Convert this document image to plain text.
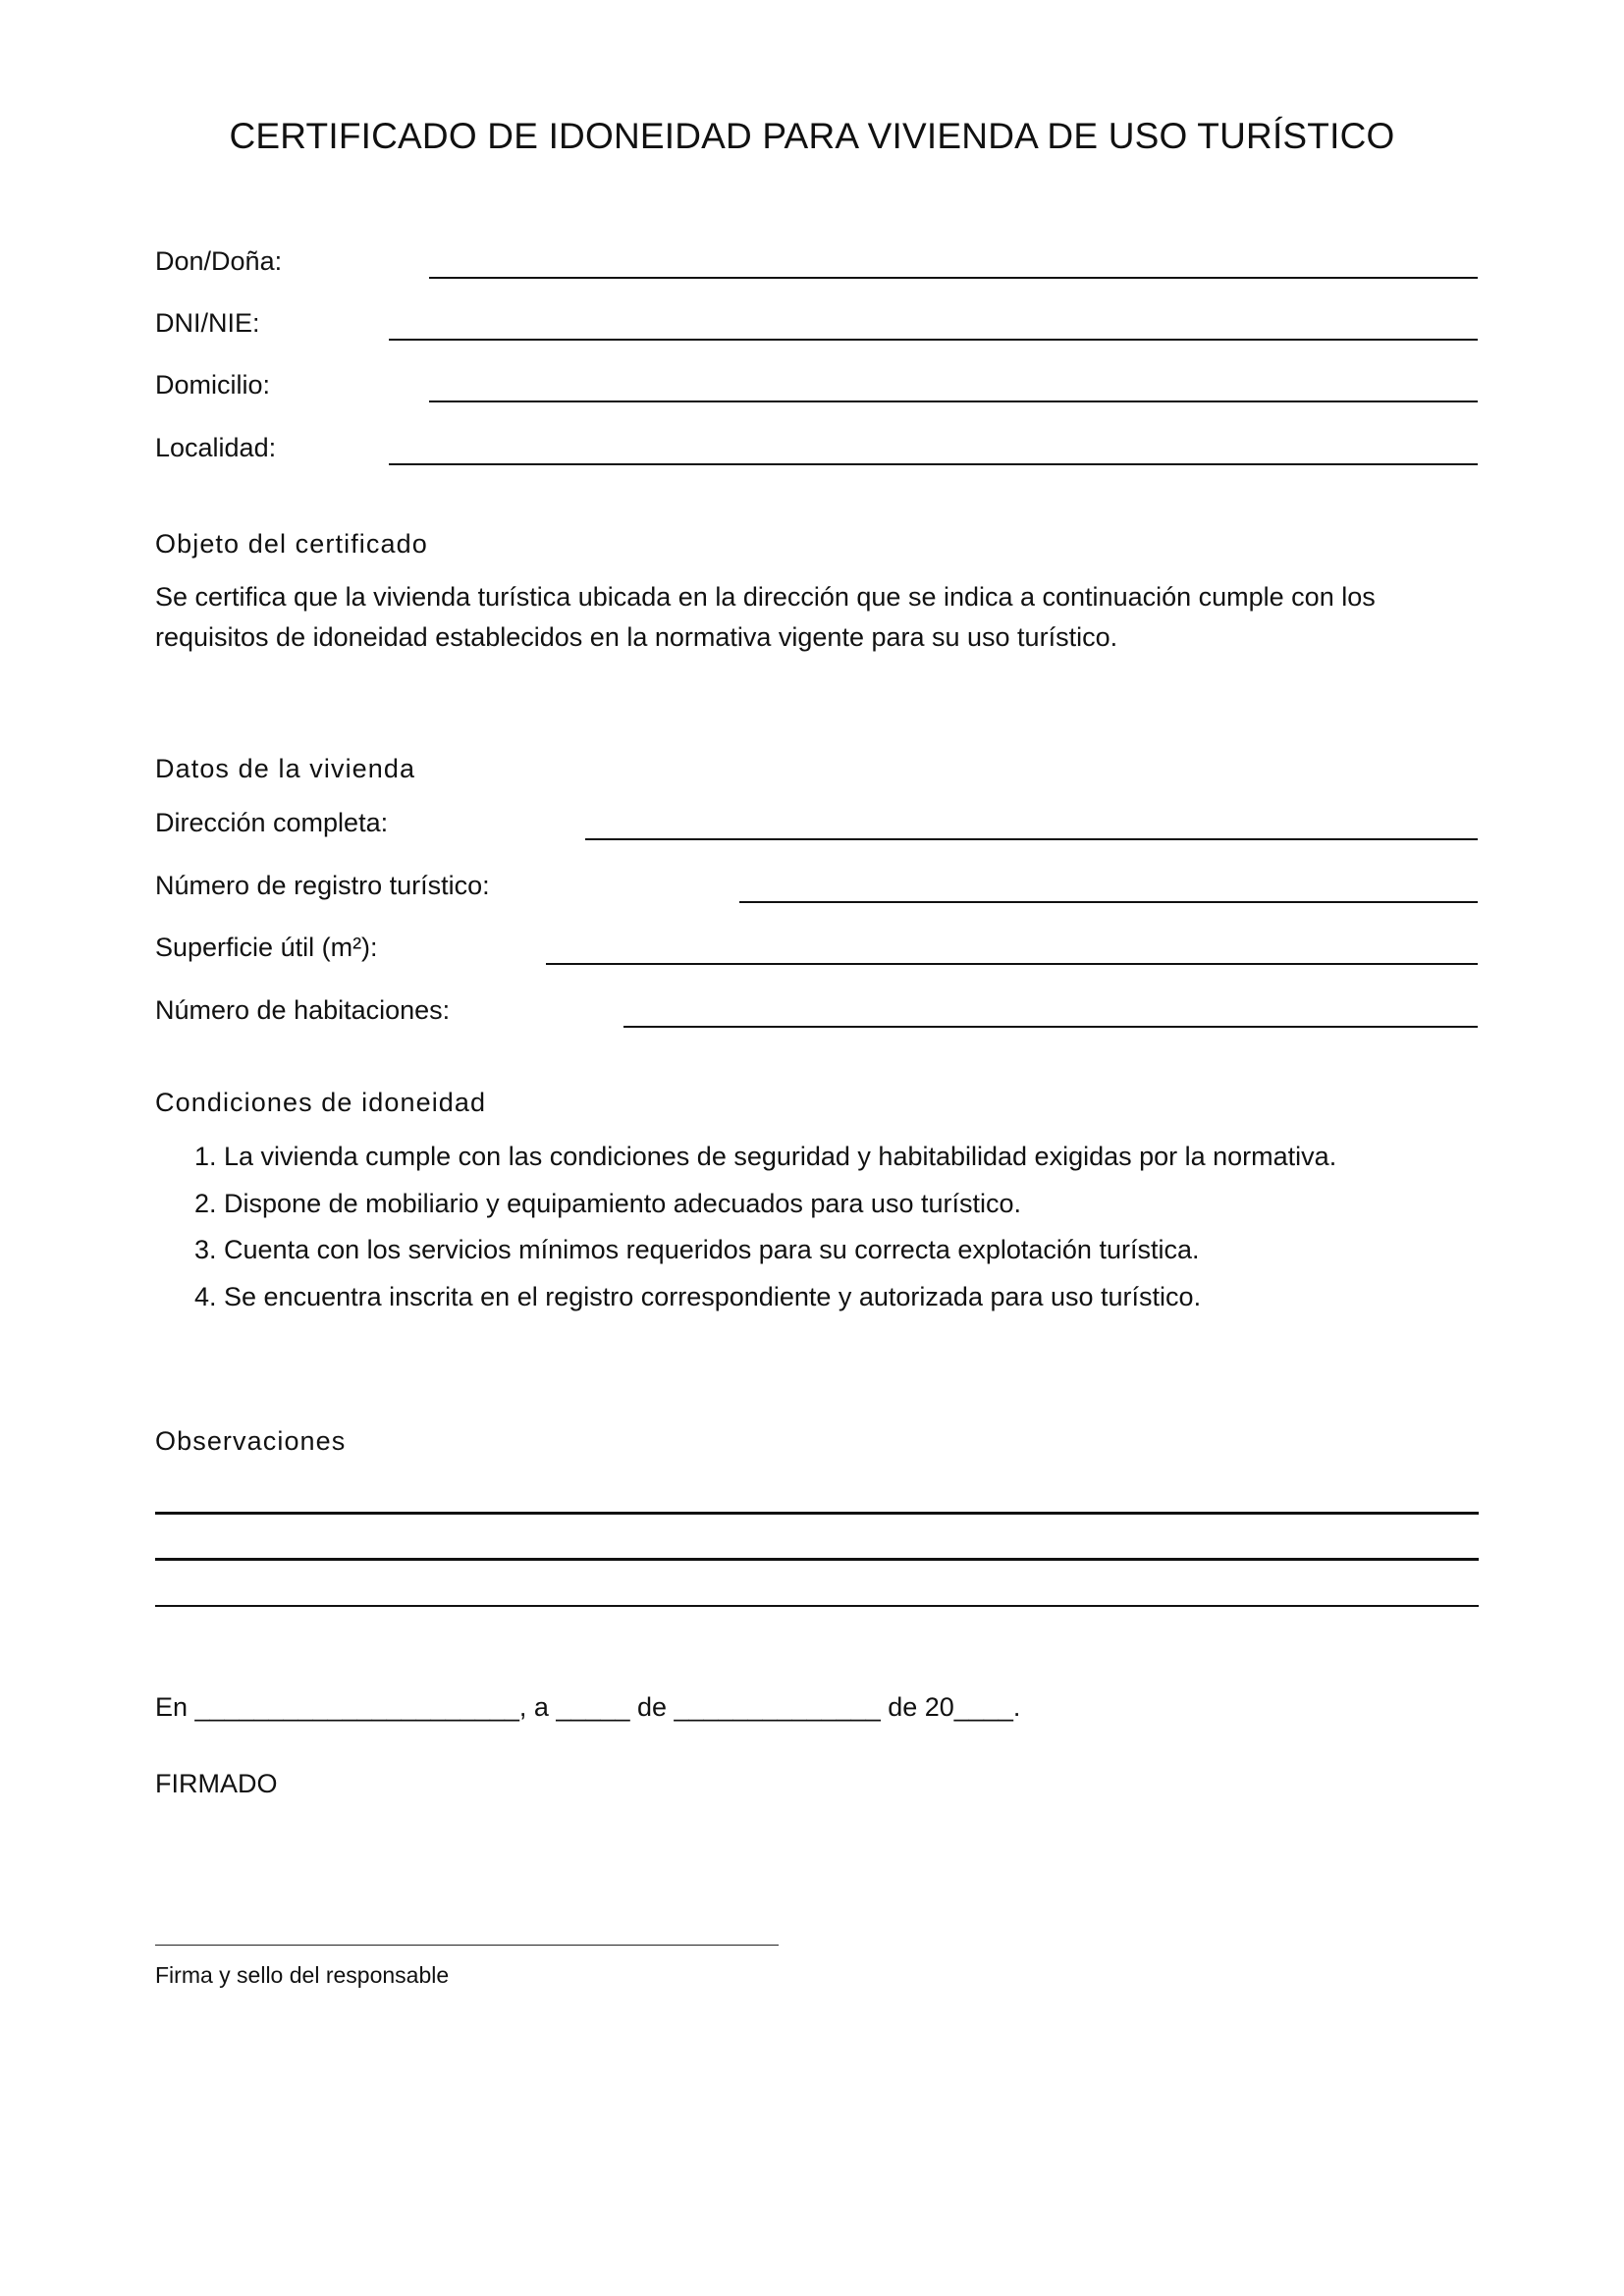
CERTIFICADO DE IDONEIDAD PARA VIVIENDA DE USO TURÍSTICO
Don/Doña:
DNI/NIE:
Domicilio:
Localidad:
Objeto del certificado
Se certifica que la vivienda turística ubicada en la dirección que se indica a continuación cumple con los requisitos de idoneidad establecidos en la normativa vigente para su uso turístico.
Datos de la vivienda
Dirección completa:
Número de registro turístico:
Superficie útil (m²):
Número de habitaciones:
Condiciones de idoneidad
1. La vivienda cumple con las condiciones de seguridad y habitabilidad exigidas por la normativa.
2. Dispone de mobiliario y equipamiento adecuados para uso turístico.
3. Cuenta con los servicios mínimos requeridos para su correcta explotación turística.
4. Se encuentra inscrita en el registro correspondiente y autorizada para uso turístico.
Observaciones
En ______________________, a _____ de ______________ de 20____.
FIRMADO
Firma y sello del responsable
